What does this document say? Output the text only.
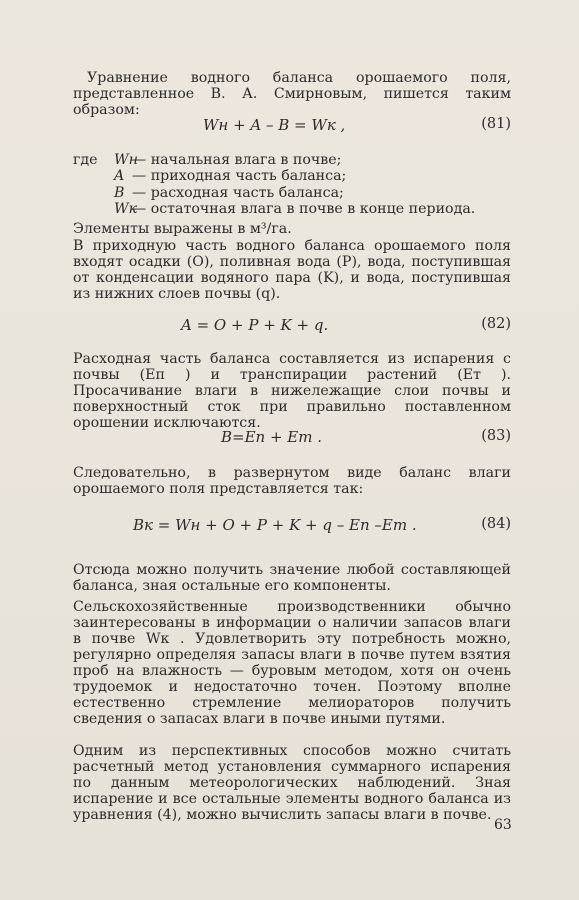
Уравнение водного баланса орошаемого поля, представленное В. А. Смирновым, пишется таким образом:
Wн + A – B = Wк ,	(81)
где Wн
— начальная влага в почве;
A — приходная часть баланса;
B — расходная часть баланса;
Wк
— остаточная влага в почве в конце периода.
Элементы выражены в м³/га.
В приходную часть водного баланса орошаемого поля входят осадки (O), поливная вода (P), вода, поступившая от конденсации водяного пара (K), и вода, поступившая из нижних слоев почвы (q).
A = O + P + K + q.	(82)
Расходная часть баланса составляется из испарения с почвы (Eп ) и транспирации растений (Eт ). Просачивание влаги в нижележащие слои почвы и поверхностный сток при правильно поставленном орошении исключаются.
B=Eп + Eт .	(83)
Следовательно, в развернутом виде баланс влаги орошаемого поля представляется так:
Bк = Wн + O + P + K + q – Eп –Eт .	(84)
Отсюда можно получить значение любой составляющей баланса, зная остальные его компоненты.
Сельскохозяйственные производственники обычно заинтересованы в информации о наличии запасов влаги в почве Wк . Удовлетворить эту потребность можно, регулярно определяя запасы влаги в почве путем взятия проб на влажность — буровым методом, хотя он очень трудоемок и недостаточно точен. Поэтому вполне естественно стремление мелиораторов получить сведения о запасах влаги в почве иными путями.
Одним из перспективных способов можно считать расчетный метод установления суммарного испарения по данным метеорологических наблюдений. Зная испарение и все остальные элементы водного баланса из уравнения (4), можно вычислить запасы влаги в почве.
63
